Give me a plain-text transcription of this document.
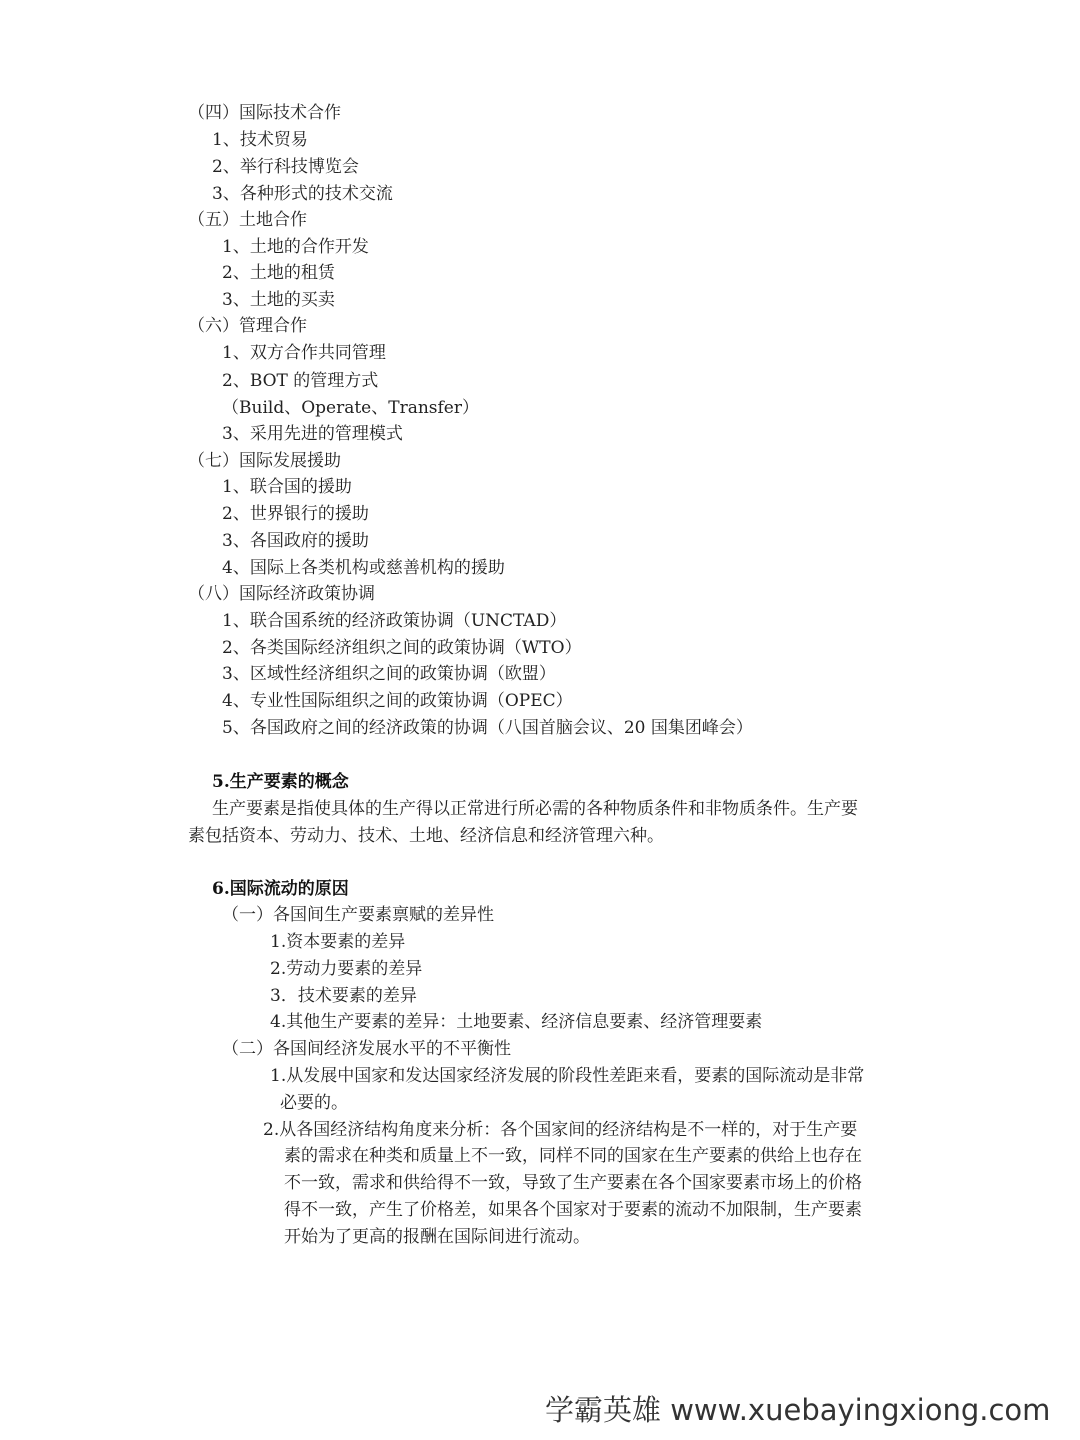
（四）国际技术合作
1、技术贸易
2、举行科技博览会
3、各种形式的技术交流
（五）土地合作
1、土地的合作开发
2、土地的租赁
3、土地的买卖
（六）管理合作
1、双方合作共同管理
2、BOT 的管理方式
（Build、Operate、Transfer）
3、采用先进的管理模式
（七）国际发展援助
1、联合国的援助
2、世界银行的援助
3、各国政府的援助
4、国际上各类机构或慈善机构的援助
（八）国际经济政策协调
1、联合国系统的经济政策协调（UNCTAD）
2、各类国际经济组织之间的政策协调（WTO）
3、区域性经济组织之间的政策协调（欧盟）
4、专业性国际组织之间的政策协调（OPEC）
5、各国政府之间的经济政策的协调（八国首脑会议、20 国集团峰会）
5.生产要素的概念
生产要素是指使具体的生产得以正常进行所必需的各种物质条件和非物质条件。生产要
素包括资本、劳动力、技术、土地、经济信息和经济管理六种。
6.国际流动的原因
（一）各国间生产要素禀赋的差异性
1.资本要素的差异
2.劳动力要素的差异
3．技术要素的差异
4.其他生产要素的差异：土地要素、经济信息要素、经济管理要素
（二）各国间经济发展水平的不平衡性
1.从发展中国家和发达国家经济发展的阶段性差距来看，要素的国际流动是非常
必要的。
2.从各国经济结构角度来分析：各个国家间的经济结构是不一样的，对于生产要
素的需求在种类和质量上不一致，同样不同的国家在生产要素的供给上也存在
不一致，需求和供给得不一致，导致了生产要素在各个国家要素市场上的价格
得不一致，产生了价格差，如果各个国家对于要素的流动不加限制，生产要素
开始为了更高的报酬在国际间进行流动。
学霸英雄 www.xuebayingxiong.com
